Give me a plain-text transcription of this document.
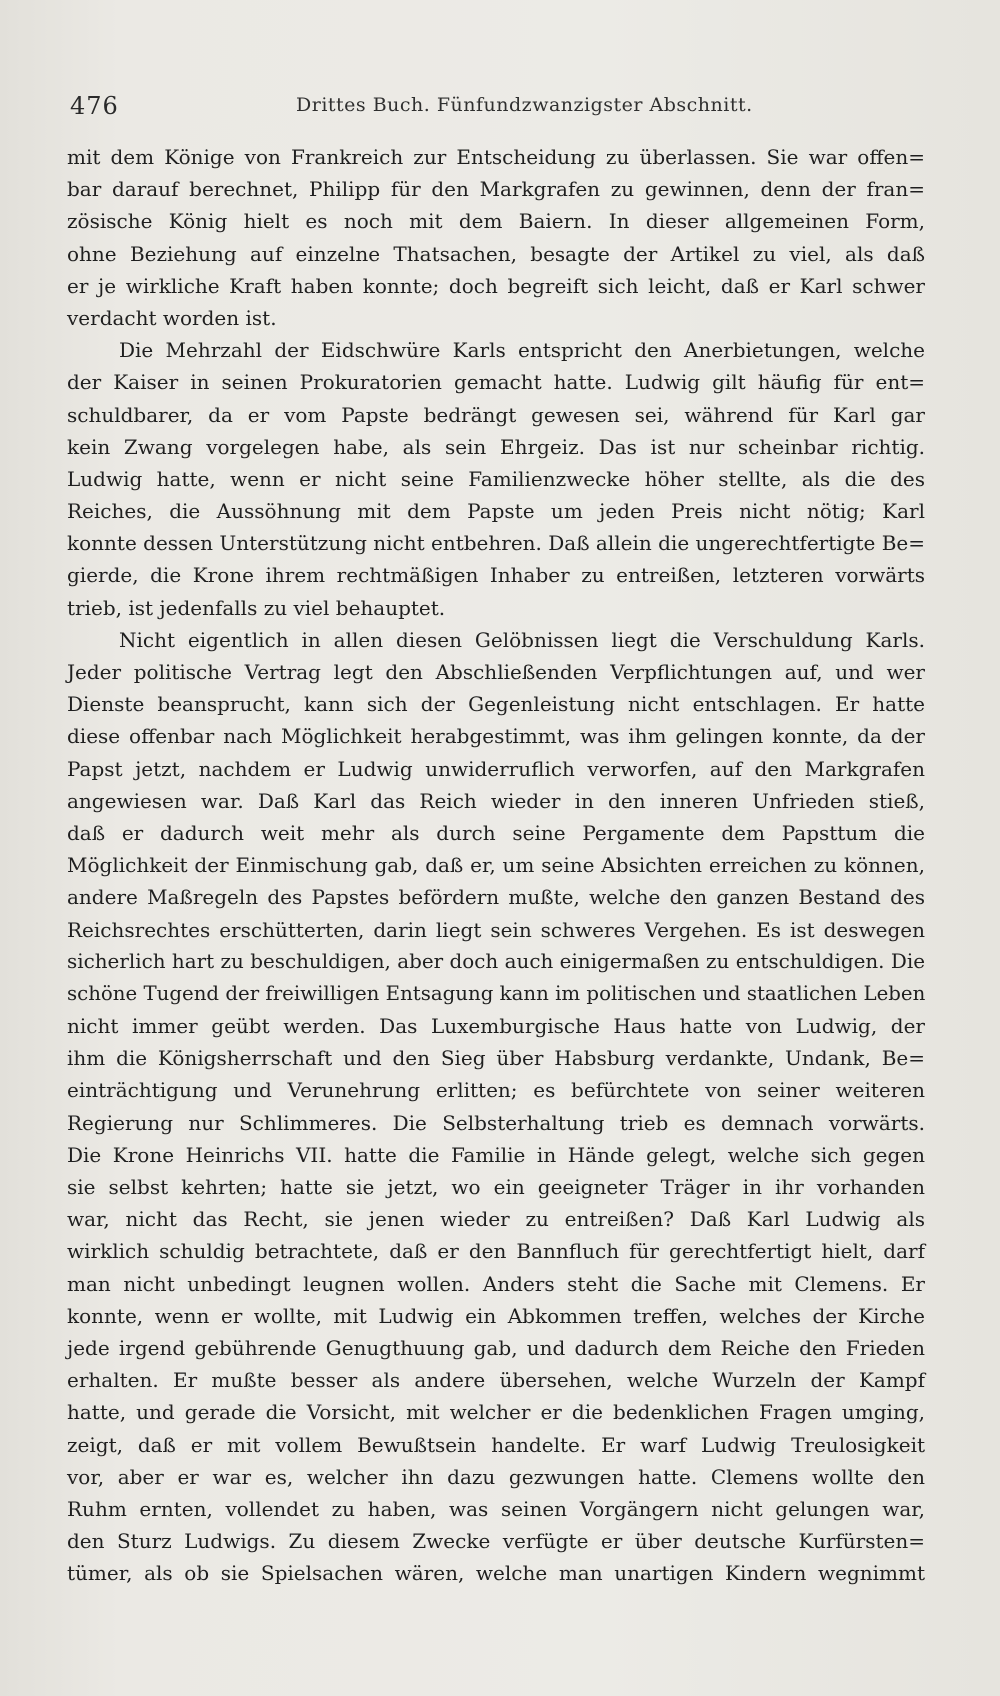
476	Drittes Buch. Fünfundzwanzigster Abschnitt.
mit dem Könige von Frankreich zur Entscheidung zu überlassen. Sie war offen=
bar darauf berechnet, Philipp für den Markgrafen zu gewinnen, denn der fran=
zösische König hielt es noch mit dem Baiern. In dieser allgemeinen Form,
ohne Beziehung auf einzelne Thatsachen, besagte der Artikel zu viel, als daß
er je wirkliche Kraft haben konnte; doch begreift sich leicht, daß er Karl schwer
verdacht worden ist.
Die Mehrzahl der Eidschwüre Karls entspricht den Anerbietungen, welche
der Kaiser in seinen Prokuratorien gemacht hatte. Ludwig gilt häufig für ent=
schuldbarer, da er vom Papste bedrängt gewesen sei, während für Karl gar
kein Zwang vorgelegen habe, als sein Ehrgeiz. Das ist nur scheinbar richtig.
Ludwig hatte, wenn er nicht seine Familienzwecke höher stellte, als die des
Reiches, die Aussöhnung mit dem Papste um jeden Preis nicht nötig; Karl
konnte dessen Unterstützung nicht entbehren. Daß allein die ungerechtfertigte Be=
gierde, die Krone ihrem rechtmäßigen Inhaber zu entreißen, letzteren vorwärts
trieb, ist jedenfalls zu viel behauptet.
Nicht eigentlich in allen diesen Gelöbnissen liegt die Verschuldung Karls.
Jeder politische Vertrag legt den Abschließenden Verpflichtungen auf, und wer
Dienste beansprucht, kann sich der Gegenleistung nicht entschlagen. Er hatte
diese offenbar nach Möglichkeit herabgestimmt, was ihm gelingen konnte, da der
Papst jetzt, nachdem er Ludwig unwiderruflich verworfen, auf den Markgrafen
angewiesen war. Daß Karl das Reich wieder in den inneren Unfrieden stieß,
daß er dadurch weit mehr als durch seine Pergamente dem Papsttum die
Möglichkeit der Einmischung gab, daß er, um seine Absichten erreichen zu können,
andere Maßregeln des Papstes befördern mußte, welche den ganzen Bestand des
Reichsrechtes erschütterten, darin liegt sein schweres Vergehen. Es ist deswegen
sicherlich hart zu beschuldigen, aber doch auch einigermaßen zu entschuldigen. Die
schöne Tugend der freiwilligen Entsagung kann im politischen und staatlichen Leben
nicht immer geübt werden. Das Luxemburgische Haus hatte von Ludwig, der
ihm die Königsherrschaft und den Sieg über Habsburg verdankte, Undank, Be=
einträchtigung und Verunehrung erlitten; es befürchtete von seiner weiteren
Regierung nur Schlimmeres. Die Selbsterhaltung trieb es demnach vorwärts.
Die Krone Heinrichs VII. hatte die Familie in Hände gelegt, welche sich gegen
sie selbst kehrten; hatte sie jetzt, wo ein geeigneter Träger in ihr vorhanden
war, nicht das Recht, sie jenen wieder zu entreißen? Daß Karl Ludwig als
wirklich schuldig betrachtete, daß er den Bannfluch für gerechtfertigt hielt, darf
man nicht unbedingt leugnen wollen. Anders steht die Sache mit Clemens. Er
konnte, wenn er wollte, mit Ludwig ein Abkommen treffen, welches der Kirche
jede irgend gebührende Genugthuung gab, und dadurch dem Reiche den Frieden
erhalten. Er mußte besser als andere übersehen, welche Wurzeln der Kampf
hatte, und gerade die Vorsicht, mit welcher er die bedenklichen Fragen umging,
zeigt, daß er mit vollem Bewußtsein handelte. Er warf Ludwig Treulosigkeit
vor, aber er war es, welcher ihn dazu gezwungen hatte. Clemens wollte den
Ruhm ernten, vollendet zu haben, was seinen Vorgängern nicht gelungen war,
den Sturz Ludwigs. Zu diesem Zwecke verfügte er über deutsche Kurfürsten=
tümer, als ob sie Spielsachen wären, welche man unartigen Kindern wegnimmt
